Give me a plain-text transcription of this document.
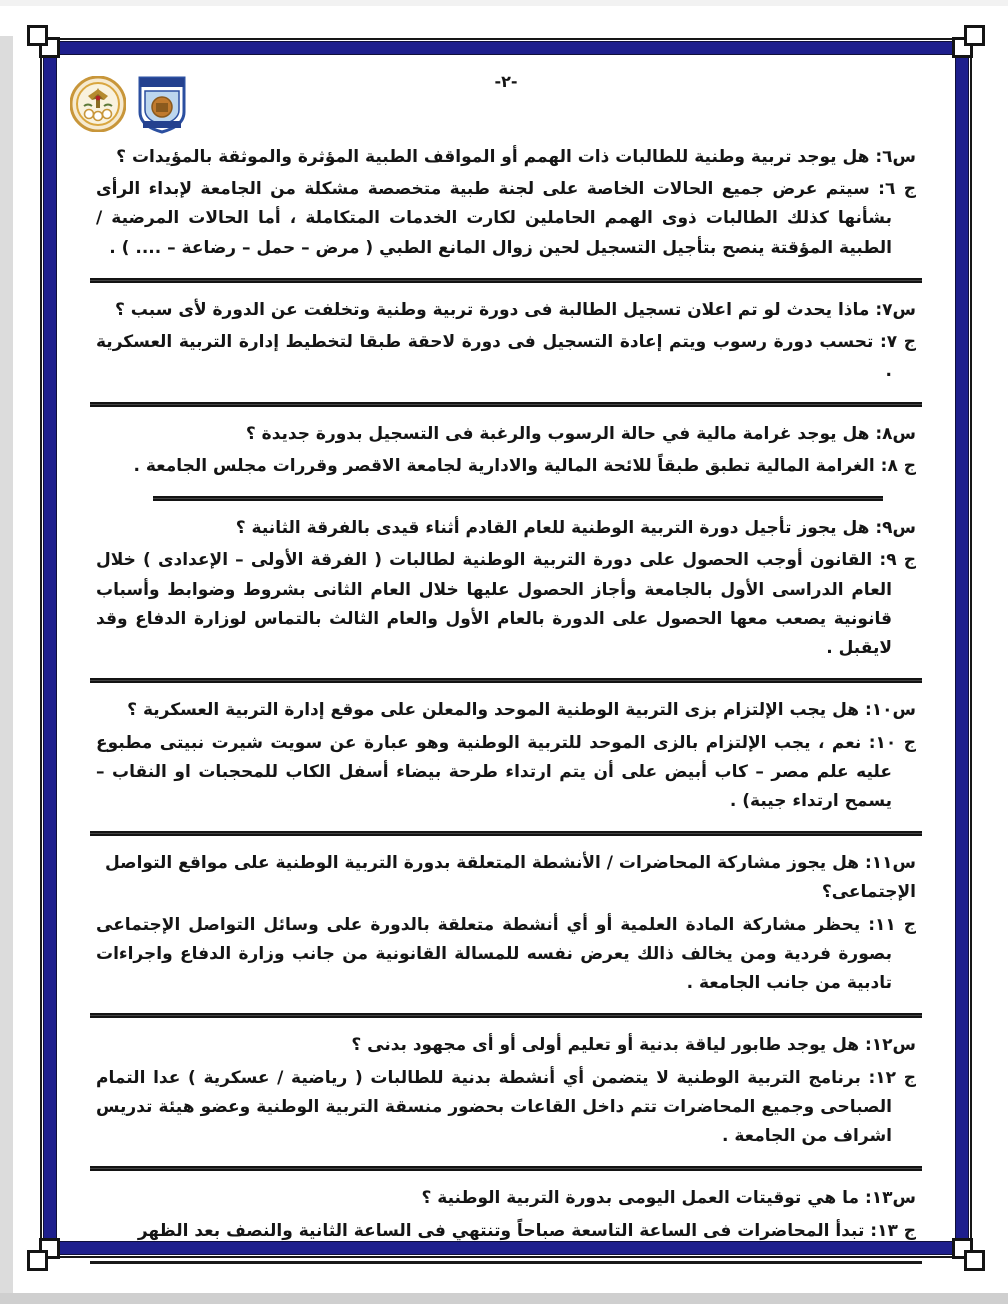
-٢-

س٦: هل يوجد تربية وطنية للطالبات ذات الهمم أو المواقف الطبية المؤثرة والموثقة بالمؤيدات ؟

ج ٦: سيتم عرض جميع الحالات الخاصة على لجنة طبية متخصصة مشكلة من الجامعة لإبداء الرأى بشأنها كذلك الطالبات ذوى الهمم الحاملين لكارت الخدمات المتكاملة ، أما الحالات المرضية / الطبية المؤقتة ينصح بتأجيل التسجيل لحين زوال المانع الطبي ( مرض – حمل – رضاعة – .... ) .

س٧: ماذا يحدث لو تم اعلان تسجيل الطالبة فى دورة تربية وطنية وتخلفت عن الدورة لأى سبب ؟

ج ٧: تحسب دورة رسوب ويتم إعادة التسجيل فى دورة لاحقة طبقا لتخطيط إدارة التربية العسكرية .

س٨: هل يوجد غرامة مالية في حالة الرسوب والرغبة فى التسجيل بدورة جديدة ؟

ج ٨: الغرامة المالية تطبق طبقاً للائحة المالية والادارية لجامعة الاقصر وقررات مجلس الجامعة .

س٩: هل يجوز تأجيل دورة التربية الوطنية للعام القادم أثناء قيدى بالفرقة الثانية ؟

ج ٩: القانون أوجب الحصول على دورة التربية الوطنية لطالبات ( الفرقة الأولى – الإعدادى ) خلال العام الدراسى الأول بالجامعة وأجاز الحصول عليها خلال العام الثانى بشروط وضوابط وأسباب قانونية يصعب معها الحصول على الدورة بالعام الأول والعام الثالث بالتماس لوزارة الدفاع وقد لايقبل .

س١٠: هل يجب الإلتزام بزى التربية الوطنية الموحد والمعلن على موقع إدارة التربية العسكرية ؟

ج ١٠: نعم ، يجب الإلتزام بالزى الموحد للتربية الوطنية وهو عبارة عن سويت شيرت نبيتى مطبوع عليه علم مصر – كاب أبيض على أن يتم ارتداء طرحة بيضاء أسفل الكاب للمحجبات او النقاب – يسمح ارتداء جيبة) .

س١١: هل يجوز مشاركة المحاضرات / الأنشطة المتعلقة بدورة التربية الوطنية على مواقع التواصل الإجتماعى؟

ج ١١: يحظر مشاركة المادة العلمية أو أي أنشطة متعلقة بالدورة على وسائل التواصل الإجتماعى بصورة فردية ومن يخالف ذالك يعرض نفسه للمسالة القانونية من جانب وزارة الدفاع واجراءات تادبية من جانب الجامعة .

س١٢: هل يوجد طابور لياقة بدنية أو تعليم أولى أو أى مجهود بدنى ؟

ج ١٢: برنامج التربية الوطنية لا يتضمن أي أنشطة بدنية للطالبات ( رياضية / عسكرية ) عدا التمام الصباحى وجميع المحاضرات تتم داخل القاعات بحضور منسقة التربية الوطنية وعضو هيئة تدريس اشراف من الجامعة .

س١٣: ما هي توقيتات العمل اليومى بدورة التربية الوطنية ؟

ج ١٣: تبدأ المحاضرات فى الساعة التاسعة صباحاً وتنتهي فى الساعة الثانية والنصف بعد الظهر
